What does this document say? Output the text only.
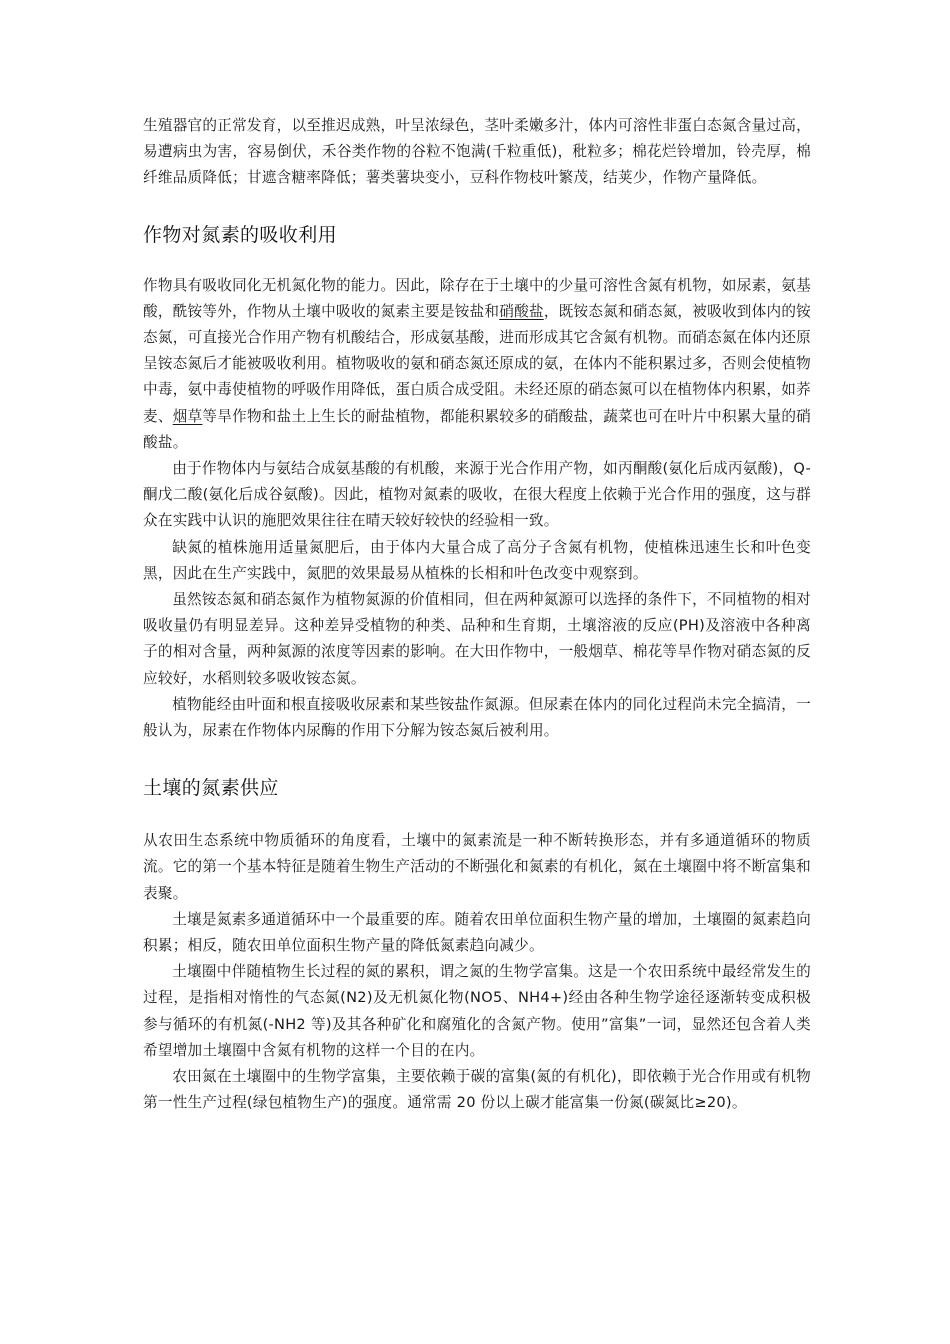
生殖器官的正常发育，以至推迟成熟，叶呈浓绿色，茎叶柔嫩多汁，体内可溶性非蛋白态氮含量过高，易遭病虫为害，容易倒伏，禾谷类作物的谷粒不饱满(千粒重低)，秕粒多；棉花烂铃增加，铃壳厚，棉纤维品质降低；甘遮含糖率降低；薯类薯块变小，豆科作物枝叶繁茂，结荚少，作物产量降低。

作物对氮素的吸收利用

作物具有吸收同化无机氮化物的能力。因此，除存在于土壤中的少量可溶性含氮有机物，如尿素，氨基酸，酰铵等外，作物从土壤中吸收的氮素主要是铵盐和硝酸盐，既铵态氮和硝态氮，被吸收到体内的铵态氮，可直接光合作用产物有机酸结合，形成氨基酸，进而形成其它含氮有机物。而硝态氮在体内还原呈铵态氮后才能被吸收利用。植物吸收的氨和硝态氮还原成的氨，在体内不能积累过多，否则会使植物中毒，氨中毒使植物的呼吸作用降低，蛋白质合成受阻。未经还原的硝态氮可以在植物体内积累，如荞麦、烟草等旱作物和盐土上生长的耐盐植物，都能积累较多的硝酸盐，蔬菜也可在叶片中积累大量的硝酸盐。

由于作物体内与氨结合成氨基酸的有机酸，来源于光合作用产物，如丙酮酸(氨化后成丙氨酸)，Q-酮戊二酸(氨化后成谷氨酸)。因此，植物对氮素的吸收，在很大程度上依赖于光合作用的强度，这与群众在实践中认识的施肥效果往往在晴天较好较快的经验相一致。

缺氮的植株施用适量氮肥后，由于体内大量合成了高分子含氮有机物，使植株迅速生长和叶色变黑，因此在生产实践中，氮肥的效果最易从植株的长相和叶色改变中观察到。

虽然铵态氮和硝态氮作为植物氮源的价值相同，但在两种氮源可以选择的条件下，不同植物的相对吸收量仍有明显差异。这种差异受植物的种类、品种和生育期，土壤溶液的反应(PH)及溶液中各种离子的相对含量，两种氮源的浓度等因素的影响。在大田作物中，一般烟草、棉花等旱作物对硝态氮的反应较好，水稻则较多吸收铵态氮。

植物能经由叶面和根直接吸收尿素和某些铵盐作氮源。但尿素在体内的同化过程尚未完全搞清，一般认为，尿素在作物体内尿酶的作用下分解为铵态氮后被利用。

土壤的氮素供应

从农田生态系统中物质循环的角度看，土壤中的氮素流是一种不断转换形态，并有多通道循环的物质流。它的第一个基本特征是随着生物生产活动的不断强化和氮素的有机化，氮在土壤圈中将不断富集和表聚。

土壤是氮素多通道循环中一个最重要的库。随着农田单位面积生物产量的增加，土壤圈的氮素趋向积累；相反，随农田单位面积生物产量的降低氮素趋向减少。

土壤圈中伴随植物生长过程的氮的累积，谓之氮的生物学富集。这是一个农田系统中最经常发生的过程，是指相对惰性的气态氮(N2)及无机氮化物(NO5、NH4+)经由各种生物学途径逐渐转变成积极参与循环的有机氮(-NH2 等)及其各种矿化和腐殖化的含氮产物。使用”富集”一词，显然还包含着人类希望增加土壤圈中含氮有机物的这样一个目的在内。

农田氮在土壤圈中的生物学富集，主要依赖于碳的富集(氮的有机化)，即依赖于光合作用或有机物第一性生产过程(绿包植物生产)的强度。通常需 20 份以上碳才能富集一份氮(碳氮比≥20)。
